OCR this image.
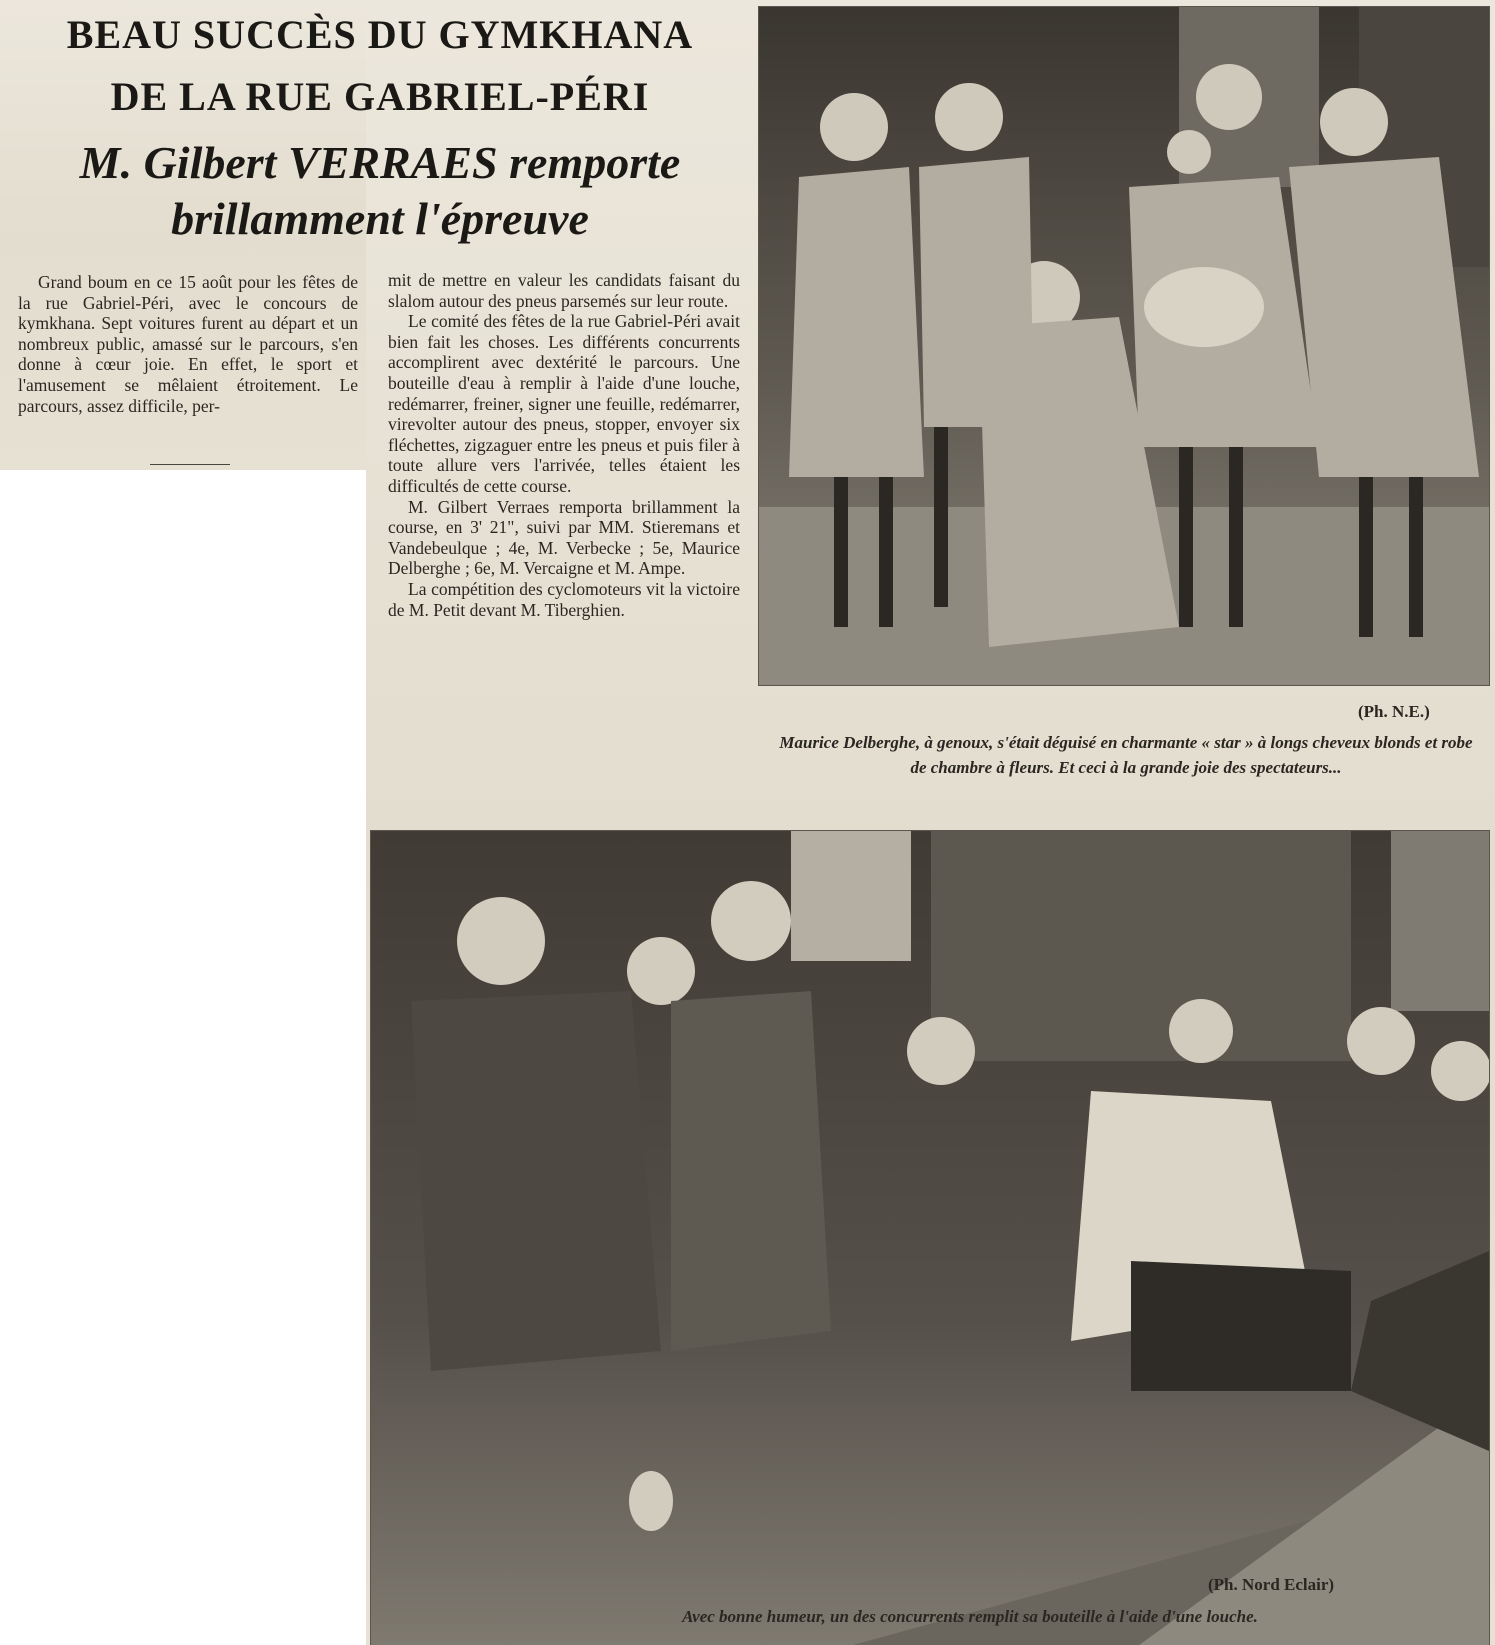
BEAU SUCCÈS DU GYMKHANA
DE LA RUE GABRIEL-PÉRI
M. Gilbert VERRAES remporte
brillamment l'épreuve

Grand boum en ce 15 août pour les fêtes de la rue Gabriel-Péri, avec le concours de kymkhana. Sept voitures furent au départ et un nombreux public, amassé sur le parcours, s'en donne à cœur joie. En effet, le sport et l'amusement se mêlaient étroitement. Le parcours, assez difficile, per-

mit de mettre en valeur les candidats faisant du slalom autour des pneus parsemés sur leur route.

Le comité des fêtes de la rue Gabriel-Péri avait bien fait les choses. Les différents concurrents accomplirent avec dextérité le parcours. Une bouteille d'eau à remplir à l'aide d'une louche, redémarrer, freiner, signer une feuille, redémarrer, virevolter autour des pneus, stopper, envoyer six fléchettes, zigzaguer entre les pneus et puis filer à toute allure vers l'arrivée, telles étaient les difficultés de cette course.

M. Gilbert Verraes remporta brillamment la course, en 3' 21", suivi par MM. Stieremans et Vandebeulque ; 4e, M. Verbecke ; 5e, Maurice Delberghe ; 6e, M. Vercaigne et M. Ampe.

La compétition des cyclomoteurs vit la victoire de M. Petit devant M. Tiberghien.

(Ph. N.E.)
Maurice Delberghe, à genoux, s'était déguisé en charmante « star » à longs cheveux blonds et robe de chambre à fleurs. Et ceci à la grande joie des spectateurs...
(Ph. Nord Eclair)
Avec bonne humeur, un des concurrents remplit sa bouteille à l'aide d'une louche.
